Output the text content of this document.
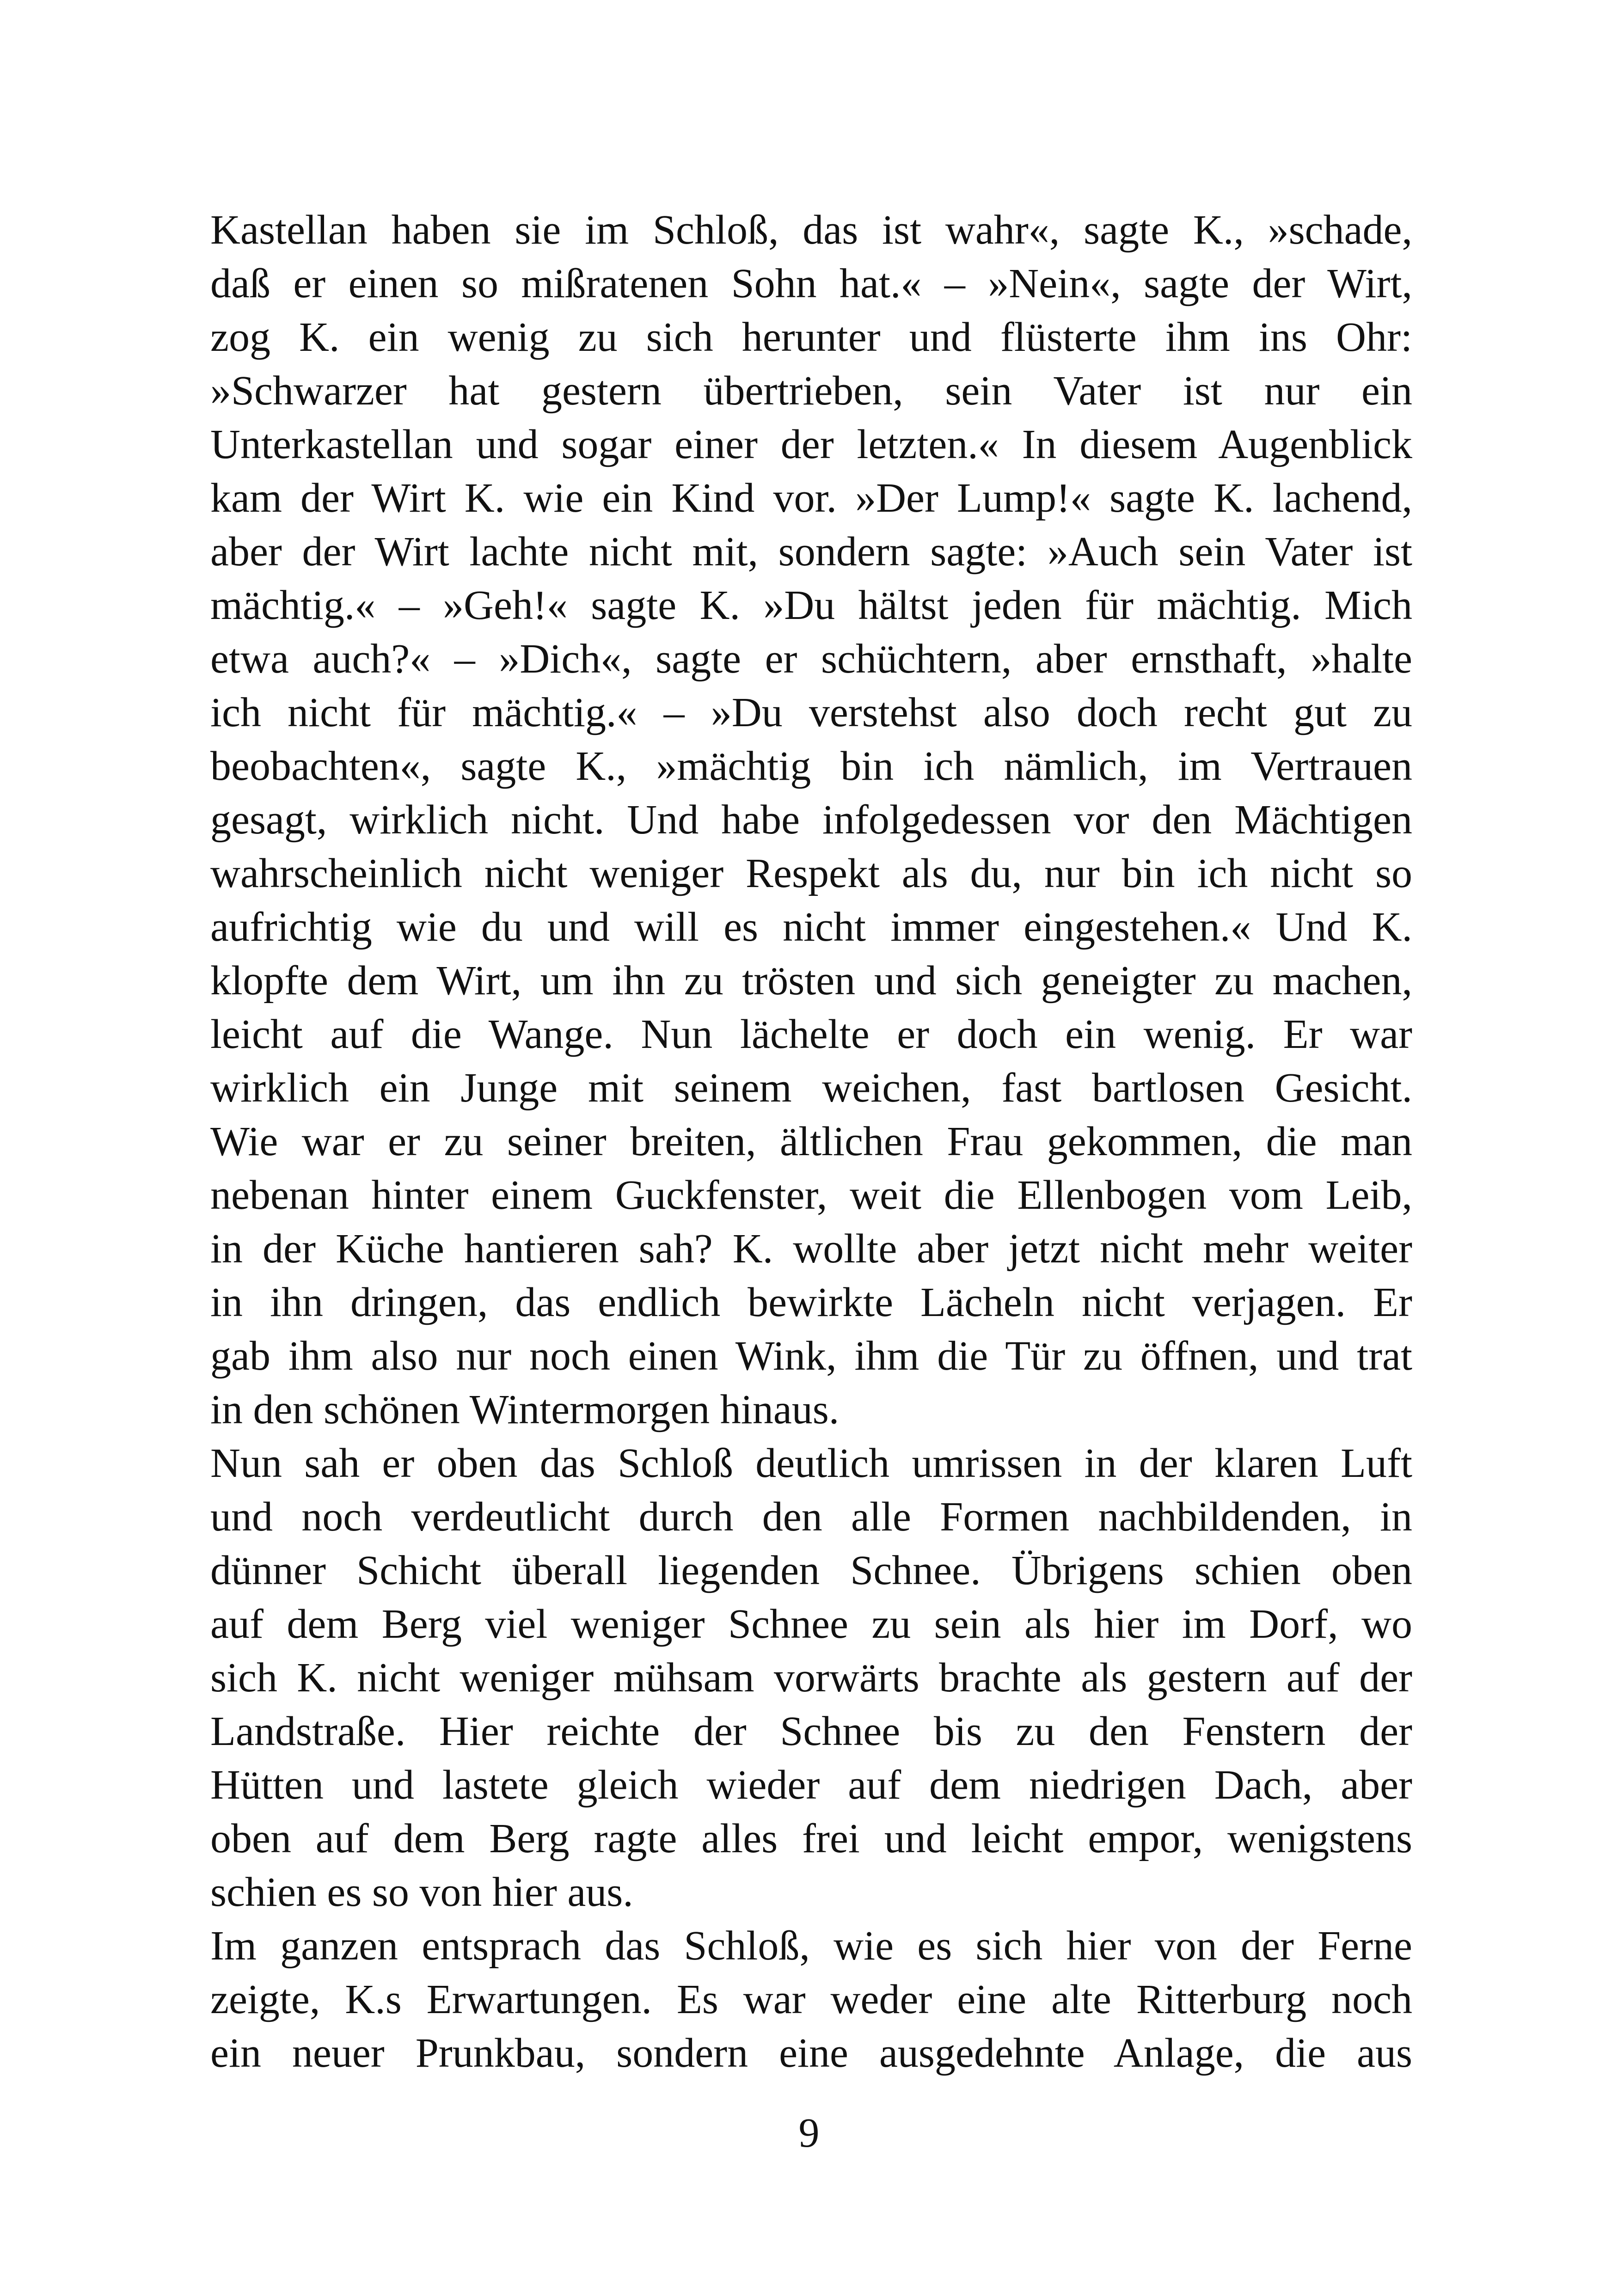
Kastellan haben sie im Schloß, das ist wahr«, sagte K., »schade,
daß er einen so mißratenen Sohn hat.« – »Nein«, sagte der Wirt,
zog K. ein wenig zu sich herunter und flüsterte ihm ins Ohr:
»Schwarzer hat gestern übertrieben, sein Vater ist nur ein
Unterkastellan und sogar einer der letzten.« In diesem Augenblick
kam der Wirt K. wie ein Kind vor. »Der Lump!« sagte K. lachend,
aber der Wirt lachte nicht mit, sondern sagte: »Auch sein Vater ist
mächtig.« – »Geh!« sagte K. »Du hältst jeden für mächtig. Mich
etwa auch?« – »Dich«, sagte er schüchtern, aber ernsthaft, »halte
ich nicht für mächtig.« – »Du verstehst also doch recht gut zu
beobachten«, sagte K., »mächtig bin ich nämlich, im Vertrauen
gesagt, wirklich nicht. Und habe infolgedessen vor den Mächtigen
wahrscheinlich nicht weniger Respekt als du, nur bin ich nicht so
aufrichtig wie du und will es nicht immer eingestehen.« Und K.
klopfte dem Wirt, um ihn zu trösten und sich geneigter zu machen,
leicht auf die Wange. Nun lächelte er doch ein wenig. Er war
wirklich ein Junge mit seinem weichen, fast bartlosen Gesicht.
Wie war er zu seiner breiten, ältlichen Frau gekommen, die man
nebenan hinter einem Guckfenster, weit die Ellenbogen vom Leib,
in der Küche hantieren sah? K. wollte aber jetzt nicht mehr weiter
in ihn dringen, das endlich bewirkte Lächeln nicht verjagen. Er
gab ihm also nur noch einen Wink, ihm die Tür zu öffnen, und trat
in den schönen Wintermorgen hinaus.

Nun sah er oben das Schloß deutlich umrissen in der klaren Luft
und noch verdeutlicht durch den alle Formen nachbildenden, in
dünner Schicht überall liegenden Schnee. Übrigens schien oben
auf dem Berg viel weniger Schnee zu sein als hier im Dorf, wo
sich K. nicht weniger mühsam vorwärts brachte als gestern auf der
Landstraße. Hier reichte der Schnee bis zu den Fenstern der
Hütten und lastete gleich wieder auf dem niedrigen Dach, aber
oben auf dem Berg ragte alles frei und leicht empor, wenigstens
schien es so von hier aus.

Im ganzen entsprach das Schloß, wie es sich hier von der Ferne
zeigte, K.s Erwartungen. Es war weder eine alte Ritterburg noch
ein neuer Prunkbau, sondern eine ausgedehnte Anlage, die aus

9
